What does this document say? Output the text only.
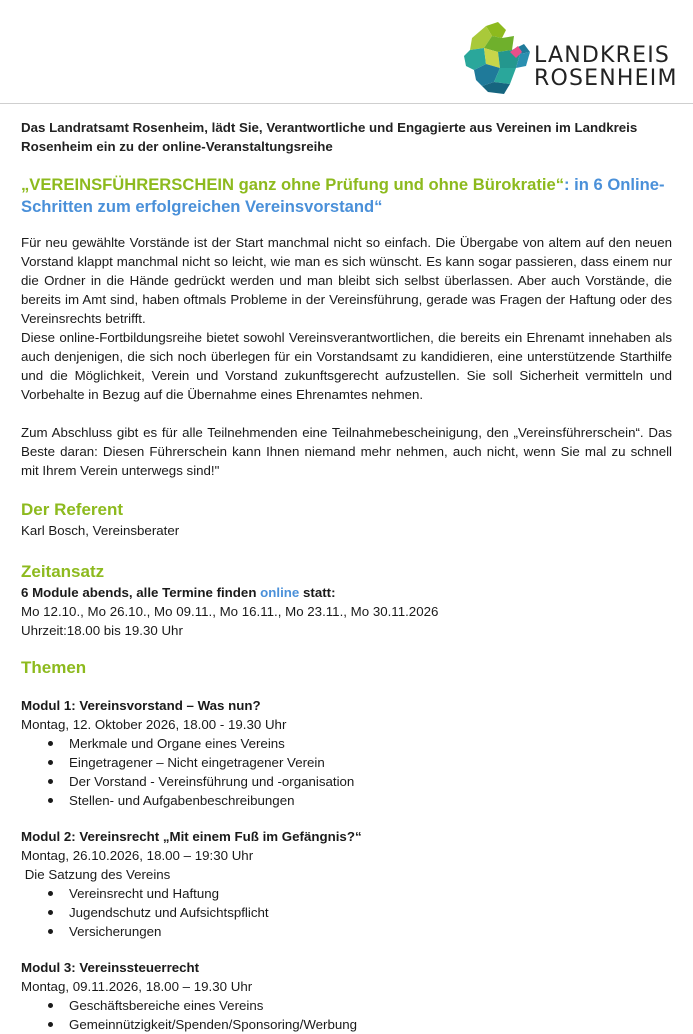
LANDKREIS
ROSENHEIM
Das Landratsamt Rosenheim, lädt Sie, Verantwortliche und Engagierte aus Vereinen im Landkreis Rosenheim ein zu der online-Veranstaltungsreihe
„VEREINSFÜHRERSCHEIN ganz ohne Prüfung und ohne Bürokratie“: in 6 Online-Schritten zum erfolgreichen Vereinsvorstand“

Für neu gewählte Vorstände ist der Start manchmal nicht so einfach. Die Übergabe von altem auf den neuen Vorstand klappt manchmal nicht so leicht, wie man es sich wünscht. Es kann sogar passieren, dass einem nur die Ordner in die Hände gedrückt werden und man bleibt sich selbst überlassen. Aber auch Vorstände, die bereits im Amt sind, haben oftmals Probleme in der Vereinsführung, gerade was Fragen der Haftung oder des Vereinsrechts betrifft.

Diese online-Fortbildungsreihe bietet sowohl Vereinsverantwortlichen, die bereits ein Ehrenamt innehaben als auch denjenigen, die sich noch überlegen für ein Vorstandsamt zu kandidieren, eine unterstützende Starthilfe und die Möglichkeit, Verein und Vorstand zukunftsgerecht aufzustellen. Sie soll Sicherheit vermitteln und Vorbehalte in Bezug auf die Übernahme eines Ehrenamtes nehmen.

Zum Abschluss gibt es für alle Teilnehmenden eine Teilnahmebescheinigung, den „Vereinsführerschein“. Das Beste daran: Diesen Führerschein kann Ihnen niemand mehr nehmen, auch nicht, wenn Sie mal zu schnell mit Ihrem Verein unterwegs sind!"

Der Referent
Karl Bosch, Vereinsberater
Zeitansatz
6 Module abends, alle Termine finden online statt:
Mo 12.10., Mo 26.10., Mo 09.11., Mo 16.11., Mo 23.11., Mo 30.11.2026
Uhrzeit:18.00 bis 19.30 Uhr
Themen
Modul 1: Vereinsvorstand – Was nun?
Montag, 12. Oktober 2026, 18.00 - 19.30 Uhr
Merkmale und Organe eines Vereins
Eingetragener – Nicht eingetragener Verein
Der Vorstand - Vereinsführung und -organisation
Stellen- und Aufgabenbeschreibungen
Modul 2: Vereinsrecht „Mit einem Fuß im Gefängnis?“
Montag, 26.10.2026, 18.00 – 19:30 Uhr
Die Satzung des Vereins
Vereinsrecht und Haftung
Jugendschutz und Aufsichtspflicht
Versicherungen
Modul 3: Vereinssteuerrecht
Montag, 09.11.2026, 18.00 – 19.30 Uhr
Geschäftsbereiche eines Vereins
Gemeinnützigkeit/Spenden/Sponsoring/Werbung
